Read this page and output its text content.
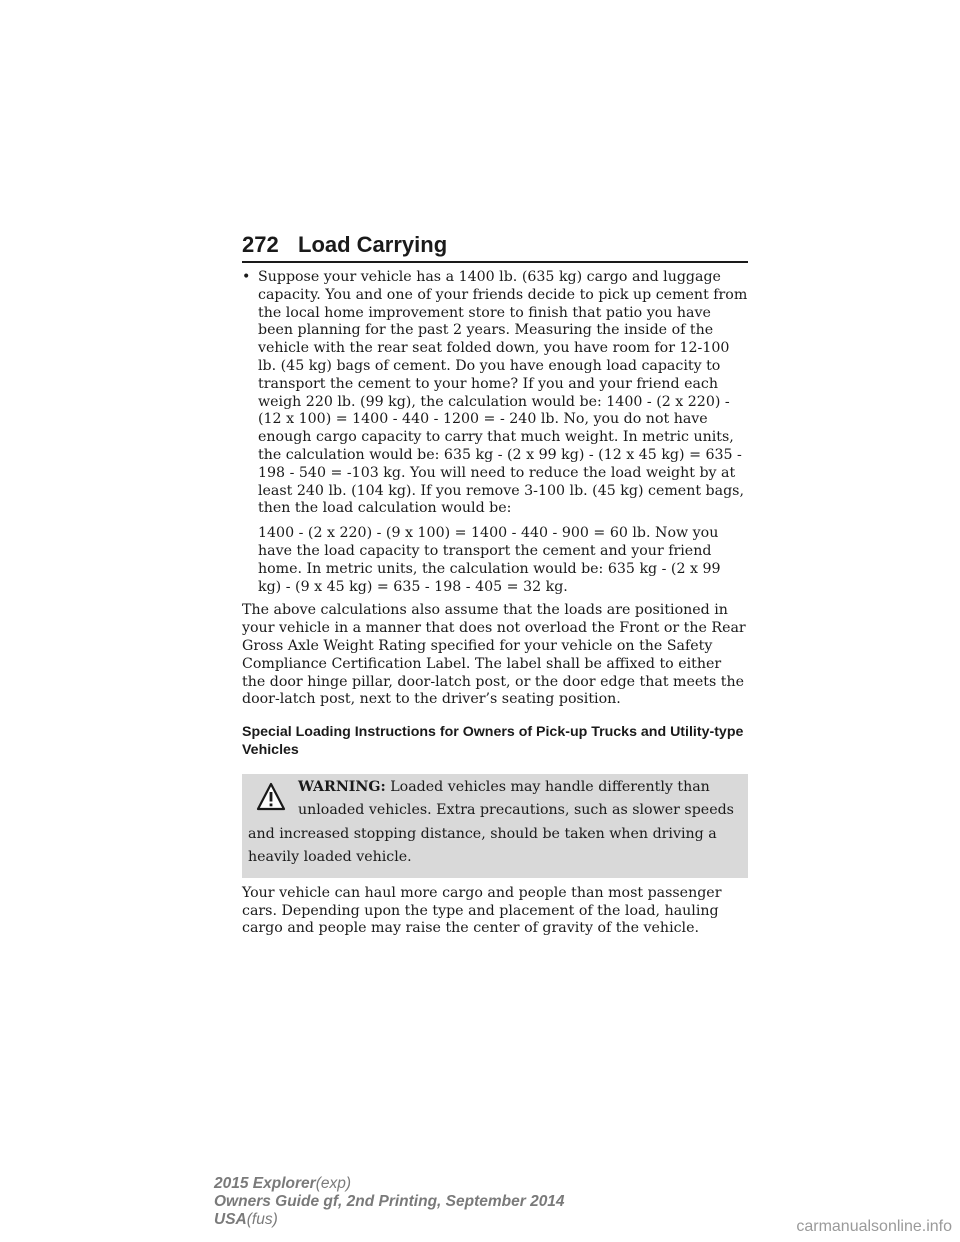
272 Load Carrying
• Suppose your vehicle has a 1400 lb. (635 kg) cargo and luggage capacity. You and one of your friends decide to pick up cement from the local home improvement store to finish that patio you have been planning for the past 2 years. Measuring the inside of the vehicle with the rear seat folded down, you have room for 12-100 lb. (45 kg) bags of cement. Do you have enough load capacity to transport the cement to your home? If you and your friend each weigh 220 lb. (99 kg), the calculation would be: 1400 - (2 x 220) - (12 x 100) = 1400 - 440 - 1200 = - 240 lb. No, you do not have enough cargo capacity to carry that much weight. In metric units, the calculation would be: 635 kg - (2 x 99 kg) - (12 x 45 kg) = 635 - 198 - 540 = -103 kg. You will need to reduce the load weight by at least 240 lb. (104 kg). If you remove 3-100 lb. (45 kg) cement bags, then the load calculation would be:

1400 - (2 x 220) - (9 x 100) = 1400 - 440 - 900 = 60 lb. Now you have the load capacity to transport the cement and your friend home. In metric units, the calculation would be: 635 kg - (2 x 99 kg) - (9 x 45 kg) = 635 - 198 - 405 = 32 kg.

The above calculations also assume that the loads are positioned in your vehicle in a manner that does not overload the Front or the Rear Gross Axle Weight Rating specified for your vehicle on the Safety Compliance Certification Label. The label shall be affixed to either the door hinge pillar, door-latch post, or the door edge that meets the door-latch post, next to the driver’s seating position.

Special Loading Instructions for Owners of Pick-up Trucks and Utility-type Vehicles

WARNING: Loaded vehicles may handle differently than unloaded vehicles. Extra precautions, such as slower speeds and increased stopping distance, should be taken when driving a heavily loaded vehicle.

Your vehicle can haul more cargo and people than most passenger cars. Depending upon the type and placement of the load, hauling cargo and people may raise the center of gravity of the vehicle.

2015 Explorer(exp)
Owners Guide gf, 2nd Printing, September 2014
USA(fus)	carmanualsonline.info
